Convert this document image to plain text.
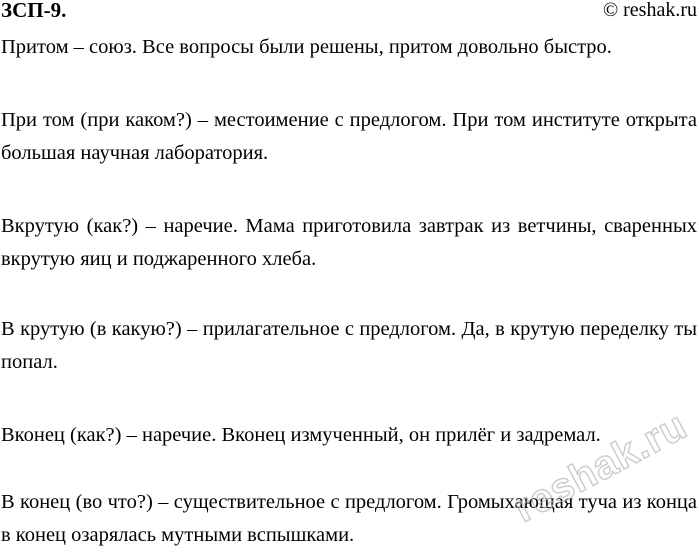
ЗСП-9.	© reshak.ru

Притом – союз. Все вопросы были решены, притом довольно быстро.

При том (при каком?) – местоимение с предлогом. При том институте открыта большая научная лаборатория.

Вкрутую (как?) – наречие. Мама приготовила завтрак из ветчины, сваренных вкрутую яиц и поджаренного хлеба.

В крутую (в какую?) – прилагательное с предлогом. Да, в крутую переделку ты попал.

Вконец (как?) – наречие. Вконец измученный, он прилёг и задремал.

В конец (во что?) – существительное с предлогом. Громыхающая туча из конца в конец озарялась мутными вспышками.

reshak.ru
